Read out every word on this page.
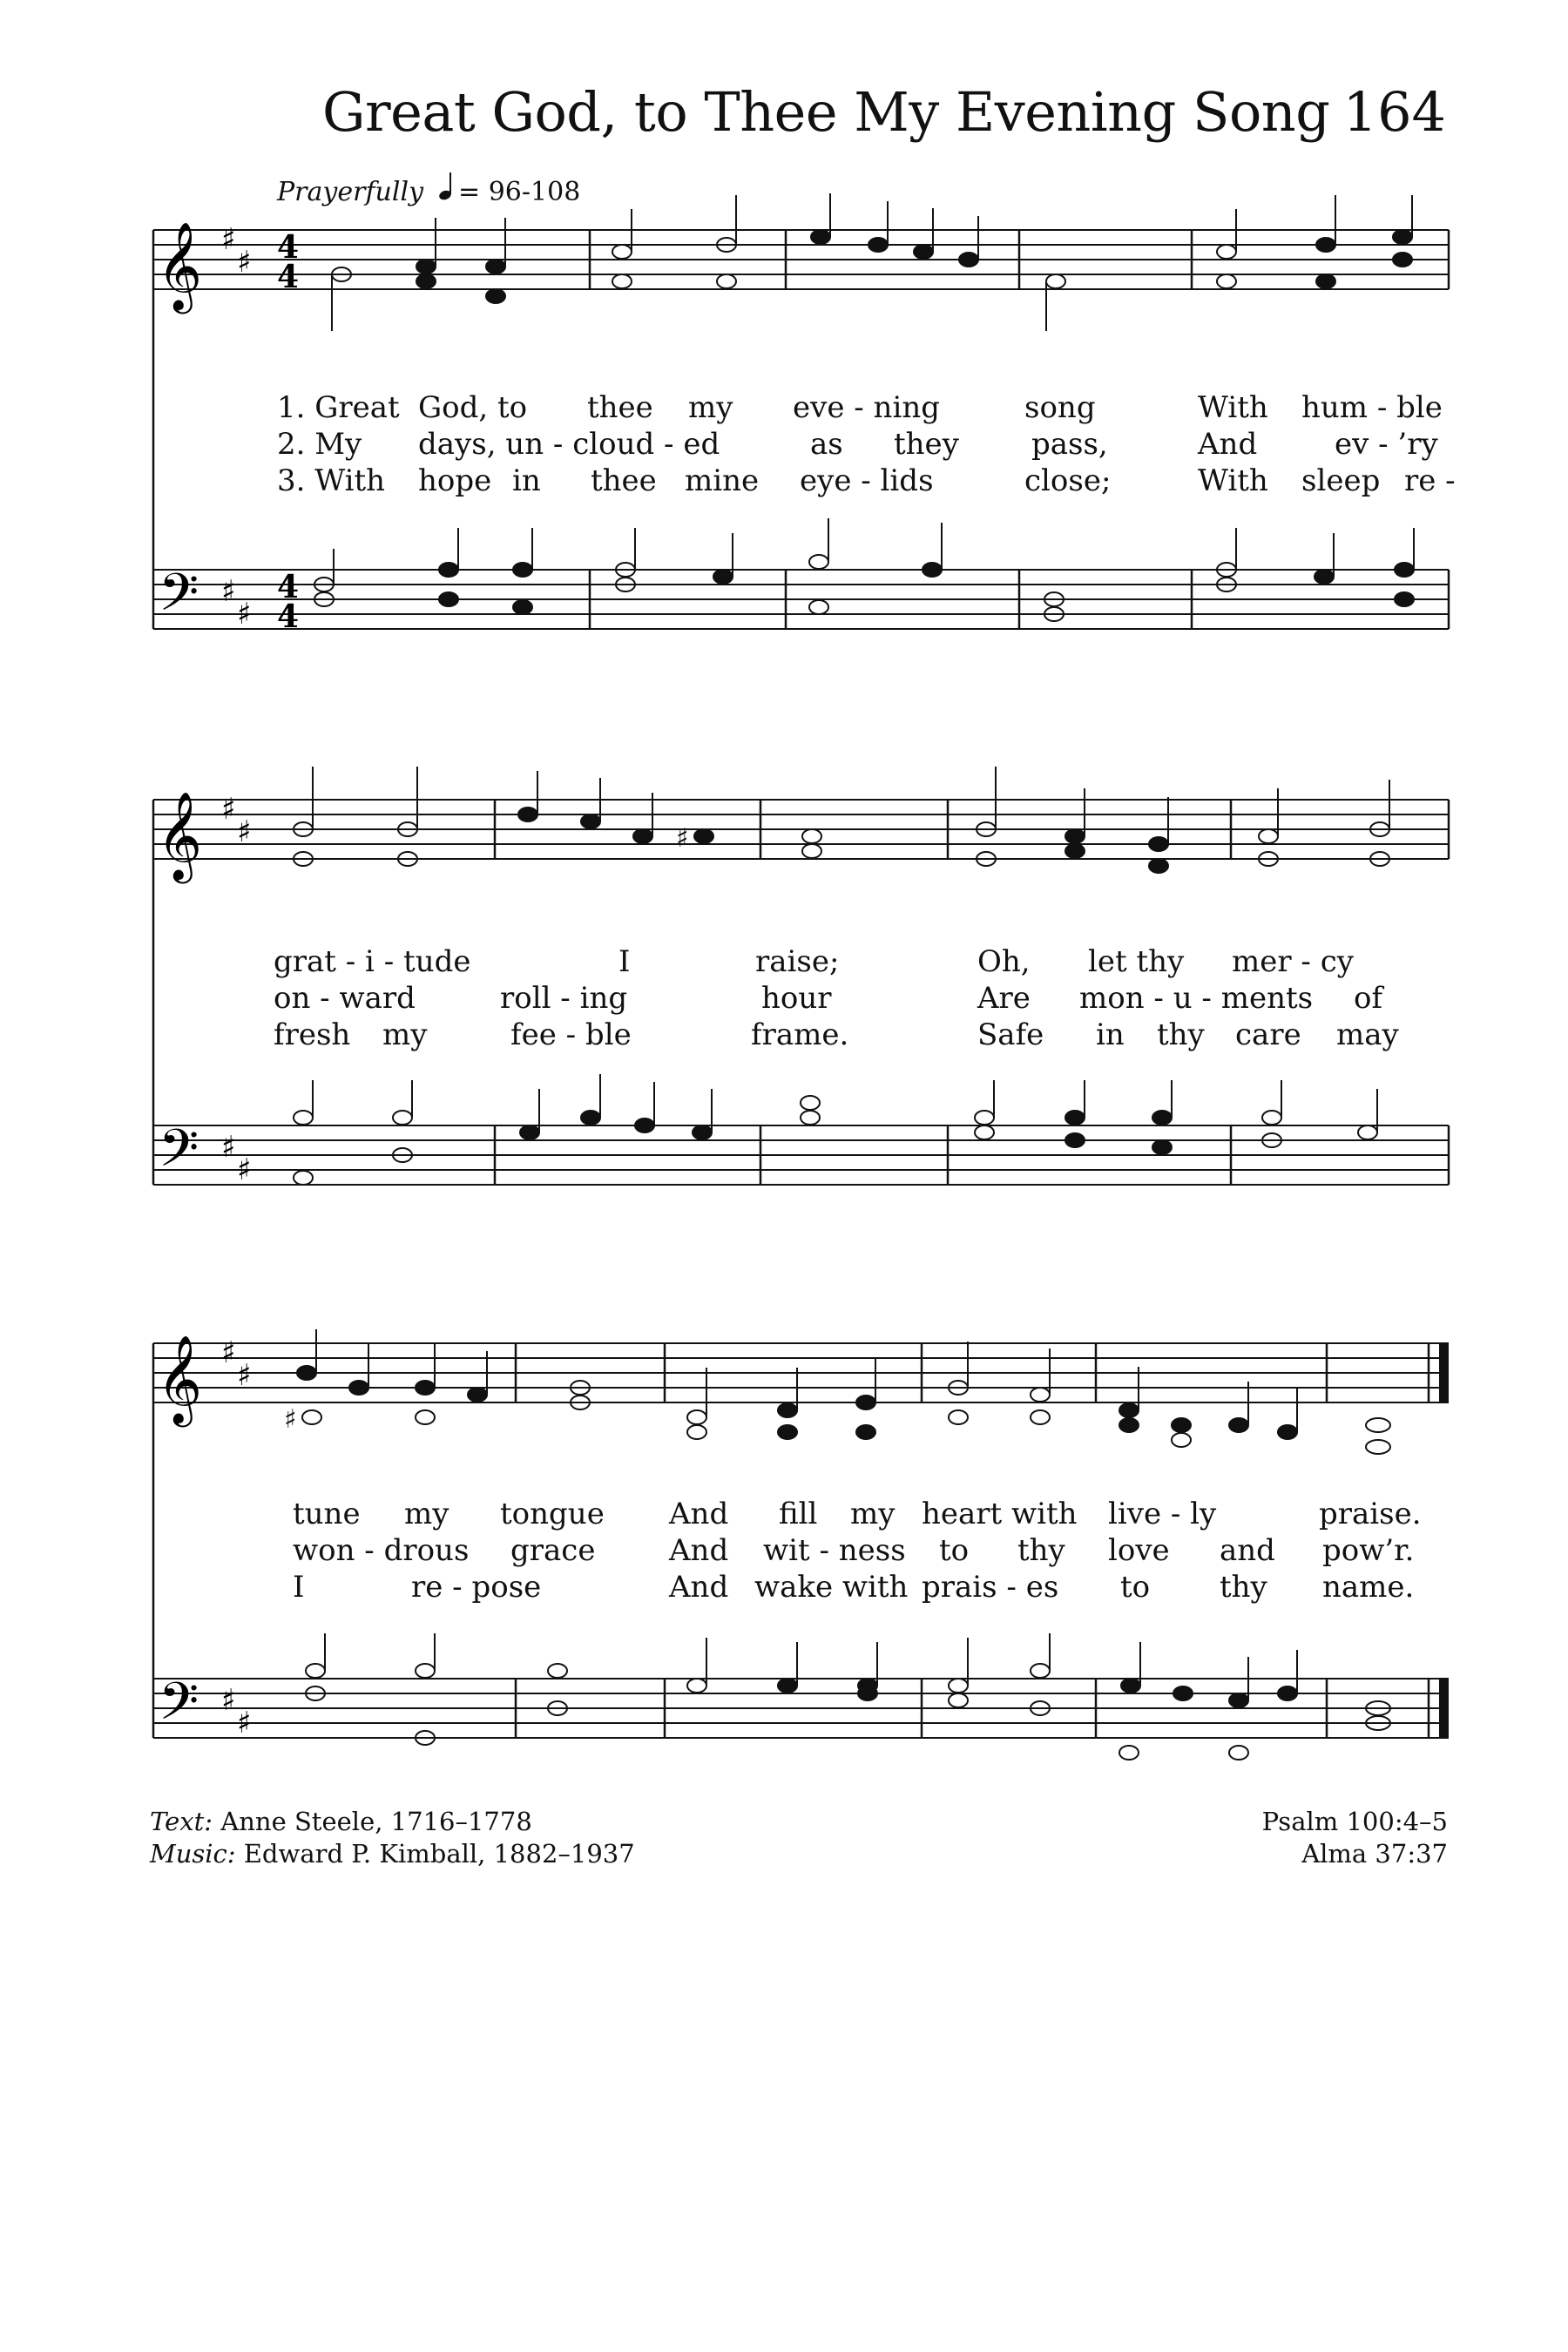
Great God, to Thee My Evening Song 164
Prayerfully = 96-108
𝄞
𝄢
♯
♯
♯
♯
4
4
4
4
1. Great God, to thee my eve - ning	song	With hum - ble
2. My days, un - cloud - ed	as they pass,	And	ev - ’ry
3. With hope in thee mine eye - lids	close;	With sleep re -
𝄞
𝄢
♯
♯
♯
♯
♯
grat - i - tude	I	raise;	Oh, let thy mer - cy
on - ward	roll - ing	hour	Are mon - u - ments of
fresh my	fee - ble	frame.	Safe in thy care may
𝄞
𝄢
♯
♯
♯
♯
♯
tune my tongue And fill my heart with live - ly	praise.
won - drous grace And wit - ness to thy love and pow’r.
I	re - pose	And wake with prais - es to thy name.
Text: Anne Steele, 1716–1778
Music: Edward P. Kimball, 1882–1937
Psalm 100:4–5
Alma 37:37
